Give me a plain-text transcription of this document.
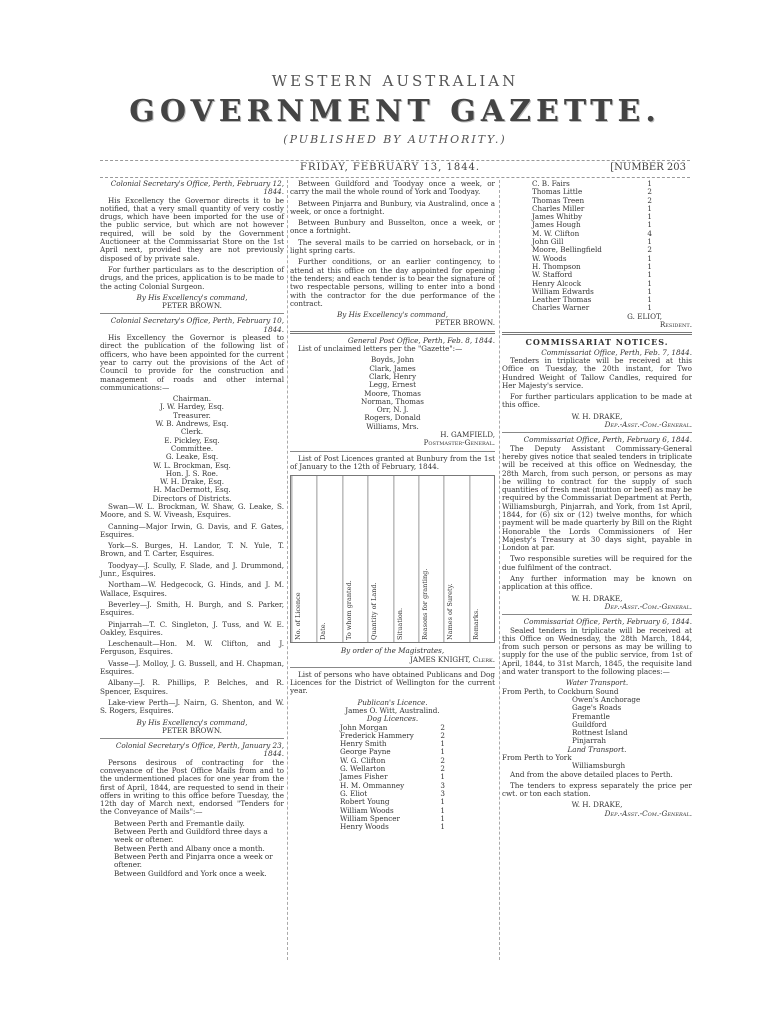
WESTERN AUSTRALIAN
GOVERNMENT GAZETTE.
(PUBLISHED BY AUTHORITY.)
FRIDAY, FEBRUARY 13, 1844.	[NUMBER 203
Colonial Secretary's Office, Perth, February 12, 1844.

His Excellency the Governor directs it to be notified, that a very small quantity of very costly drugs, which have been imported for the use of the public service, but which are not however required, will be sold by the Government Auctioneer at the Commissariat Store on the 1st April next, provided they are not previously disposed of by private sale.

For further particulars as to the description of drugs, and the prices, application is to be made to the acting Colonial Surgeon.

By His Excellency's command,
PETER BROWN.
Colonial Secretary's Office, Perth, February 10, 1844.

His Excellency the Governor is pleased to direct the publication of the following list of officers, who have been appointed for the current year to carry out the provisions of the Act of Council to provide for the construction and management of roads and other internal communications:—

Chairman.
J. W. Hardey, Esq.
Treasurer.
W. B. Andrews, Esq.
Clerk.
E. Pickley, Esq.
Committee.
G. Leake, Esq.
W. L. Brockman, Esq.
Hon. J. S. Roe.
W. H. Drake, Esq.
H. MacDermott, Esq.
Directors of Districts.

Swan—W. L. Brockman, W. Shaw, G. Leake, S. Moore, and S. W. Viveash, Esquires.

Canning—Major Irwin, G. Davis, and F. Gates, Esquires.

York—S. Burges, H. Landor, T. N. Yule, T. Brown, and T. Carter, Esquires.

Toodyay—J. Scully, F. Slade, and J. Drummond, Junr., Esquires.

Northam—W. Hedgecock, G. Hinds, and J. M. Wallace, Esquires.

Beverley—J. Smith, H. Burgh, and S. Parker, Esquires.

Pinjarrah—T. C. Singleton, J. Tuss, and W. E. Oakley, Esquires.

Leschenault—Hon. M. W. Clifton, and J. Ferguson, Esquires.

Vasse—J. Molloy, J. G. Bussell, and H. Chapman, Esquires.

Albany—J. R. Phillips, P. Belches, and R. Spencer, Esquires.

Lake-view Perth—J. Nairn, G. Shenton, and W. S. Rogers, Esquires.

By His Excellency's command,
PETER BROWN.
Colonial Secretary's Office, Perth, January 23, 1844.

Persons desirous of contracting for the conveyance of the Post Office Mails from and to the undermentioned places for one year from the first of April, 1844, are requested to send in their offers in writing to this office before Tuesday, the 12th day of March next, endorsed "Tenders for the Conveyance of Mails":—

Between Perth and Fremantle daily.
Between Perth and Guildford three days a week or oftener.
Between Perth and Albany once a month.
Between Perth and Pinjarra once a week or oftener.
Between Guildford and York once a week.

Between Guildford and Toodyay once a week, or carry the mail the whole round of York and Toodyay.

Between Pinjarra and Bunbury, via Australind, once a week, or once a fortnight.

Between Bunbury and Busselton, once a week, or once a fortnight.

The several mails to be carried on horseback, or in light spring carts.

Further conditions, or an earlier contingency, to attend at this office on the day appointed for opening the tenders; and each tender is to bear the signature of two respectable persons, willing to enter into a bond with the contractor for the due performance of the contract.

By His Excellency's command,
PETER BROWN.
General Post Office, Perth, Feb. 8, 1844.

List of unclaimed letters per the "Gazette":—

Boyds, John
Clark, James
Clark, Henry
Legg, Ernest
Moore, Thomas
Norman, Thomas
Orr, N. J.
Rogers, Donald
Williams, Mrs.
H. GAMFIELD,
Postmaster-General.

List of Post Licences granted at Bunbury from the 1st of January to the 12th of February, 1844.

No. of Licence	Date.	To whom granted.	Quantity of Land.	Situation.	Reasons for granting.	Names of Surety.	Remarks.
By order of the Magistrates,
JAMES KNIGHT, Clerk.

List of persons who have obtained Publicans and Dog Licences for the District of Wellington for the current year.

Publican's Licence.
James O. Witt, Australind.
Dog Licences.
John Morgan	2
Frederick Hammery	2
Henry Smith	1
George Payne	1
W. G. Clifton	2
G. Wellarton	2
James Fisher	1
H. M. Ommanney	3
G. Eliot	3
Robert Young	1
William Woods	1
William Spencer	1
Henry Woods	1
C. B. Fairs	1
Thomas Little	2
Thomas Treen	2
Charles Miller	1
James Whitby	1
James Hough	1
M. W. Clifton	4
John Gill	1
Moore, Bellingfield	2
W. Woods	1
H. Thompson	1
W. Stafford	1
Henry Alcock	1
William Edwards	1
Leather Thomas	1
Charles Warner	1
G. ELIOT,
Resident.
COMMISSARIAT NOTICES.
Commissariat Office, Perth, Feb. 7, 1844.

Tenders in triplicate will be received at this Office on Tuesday, the 20th instant, for Two Hundred Weight of Tallow Candles, required for Her Majesty's service.

For further particulars application to be made at this office.

W. H. DRAKE,
Dep.-Asst.-Com.-General.
Commissariat Office, Perth, February 6, 1844.

The Deputy Assistant Commissary-General hereby gives notice that sealed tenders in triplicate will be received at this office on Wednesday, the 28th March, from such person, or persons as may be willing to contract for the supply of such quantities of fresh meat (mutton or beef) as may be required by the Commissariat Department at Perth, Williamsburgh, Pinjarrah, and York, from 1st April, 1844, for (6) six or (12) twelve months, for which payment will be made quarterly by Bill on the Right Honorable the Lords Commissioners of Her Majesty's Treasury at 30 days sight, payable in London at par.

Two responsible sureties will be required for the due fulfilment of the contract.

Any further information may be known on application at this office.

W. H. DRAKE,
Dep.-Asst.-Com.-General.
Commissariat Office, Perth, February 6, 1844.

Sealed tenders in triplicate will be received at this Office on Wednesday, the 28th March, 1844, from such person or persons as may be willing to supply for the use of the public service, from 1st of April, 1844, to 31st March, 1845, the requisite land and water transport to the following places:—

Water Transport.
From Perth, to Cockburn Sound
Owen's Anchorage
Gage's Roads
Fremantle
Guildford
Rottnest Island
Pinjarrah
Land Transport.
From Perth to York
Williamsburgh

And from the above detailed places to Perth.

The tenders to express separately the price per cwt. or ton each station.

W. H. DRAKE,
Dep.-Asst.-Com.-General.
